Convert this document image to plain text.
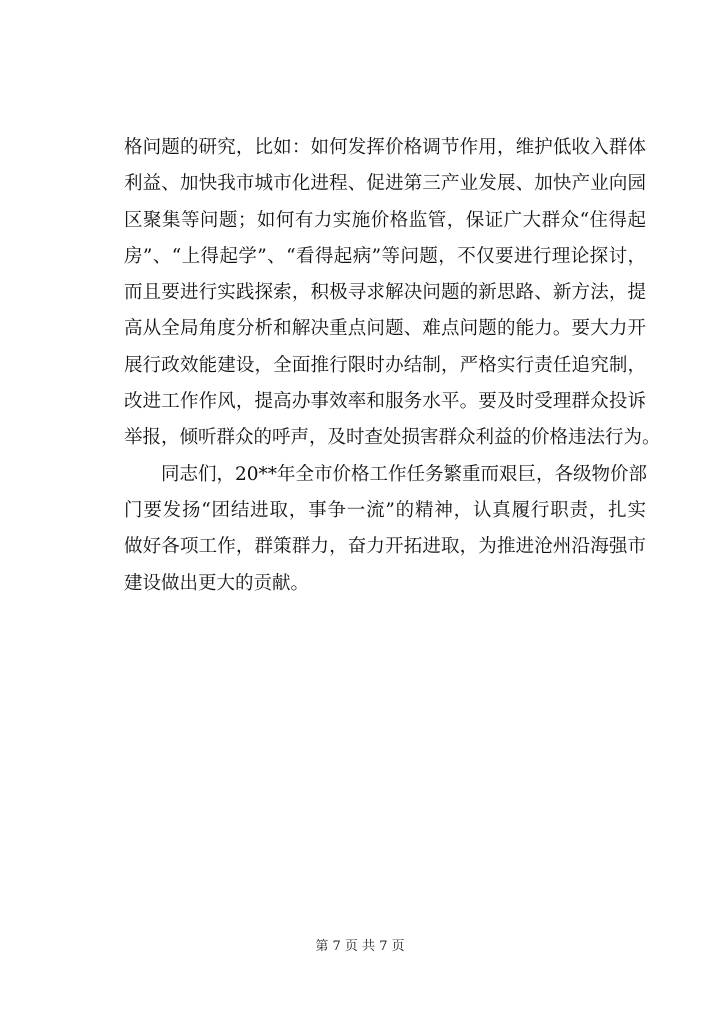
格问题的研究，比如：如何发挥价格调节作用，维护低收入群体
利益、加快我市城市化进程、促进第三产业发展、加快产业向园
区聚集等问题；如何有力实施价格监管，保证广大群众“住得起
房”、“上得起学”、“看得起病”等问题，不仅要进行理论探讨，
而且要进行实践探索，积极寻求解决问题的新思路、新方法，提
高从全局角度分析和解决重点问题、难点问题的能力。要大力开
展行政效能建设，全面推行限时办结制，严格实行责任追究制，
改进工作作风，提高办事效率和服务水平。要及时受理群众投诉
举报，倾听群众的呼声，及时查处损害群众利益的价格违法行为。
　　同志们，20**年全市价格工作任务繁重而艰巨，各级物价部
门要发扬“团结进取，事争一流”的精神，认真履行职责，扎实
做好各项工作，群策群力，奋力开拓进取，为推进沧州沿海强市
建设做出更大的贡献。
第 7 页 共 7 页
